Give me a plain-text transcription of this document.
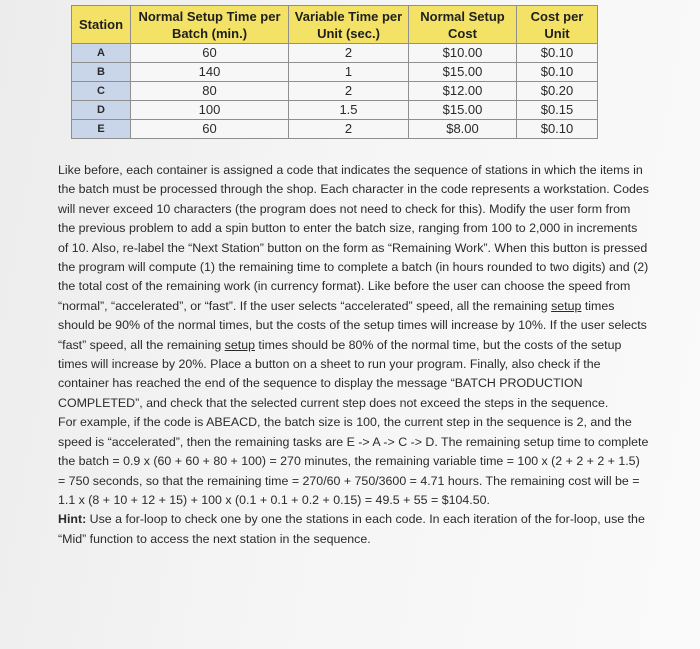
Station	Normal Setup Time per Batch (min.)	Variable Time per Unit (sec.)	Normal Setup Cost	Cost per Unit
A	60	2	$10.00	$0.10
B	140	1	$15.00	$0.10
C	80	2	$12.00	$0.20
D	100	1.5	$15.00	$0.15
E	60	2	$8.00	$0.10

Like before, each container is assigned a code that indicates the sequence of stations in which the items in the batch must be processed through the shop. Each character in the code represents a workstation. Codes will never exceed 10 characters (the program does not need to check for this). Modify the user form from the previous problem to add a spin button to enter the batch size, ranging from 100 to 2,000 in increments of 10. Also, re-label the “Next Station” button on the form as “Remaining Work”. When this button is pressed the program will compute (1) the remaining time to complete a batch (in hours rounded to two digits) and (2) the total cost of the remaining work (in currency format). Like before the user can choose the speed from “normal”, “accelerated”, or “fast”. If the user selects “accelerated” speed, all the remaining setup times should be 90% of the normal times, but the costs of the setup times will increase by 10%. If the user selects “fast” speed, all the remaining setup times should be 80% of the normal time, but the costs of the setup times will increase by 20%. Place a button on a sheet to run your program. Finally, also check if the container has reached the end of the sequence to display the message “BATCH PRODUCTION COMPLETED”, and check that the selected current step does not exceed the steps in the sequence.

For example, if the code is ABEACD, the batch size is 100, the current step in the sequence is 2, and the speed is “accelerated”, then the remaining tasks are E -> A -> C -> D. The remaining setup time to complete the batch = 0.9 x (60 + 60 + 80 + 100) = 270 minutes, the remaining variable time = 100 x (2 + 2 + 2 + 1.5) = 750 seconds, so that the remaining time = 270/60 + 750/3600 = 4.71 hours. The remaining cost will be = 1.1 x (8 + 10 + 12 + 15) + 100 x (0.1 + 0.1 + 0.2 + 0.15) = 49.5 + 55 = $104.50.

Hint: Use a for-loop to check one by one the stations in each code. In each iteration of the for-loop, use the “Mid” function to access the next station in the sequence.
